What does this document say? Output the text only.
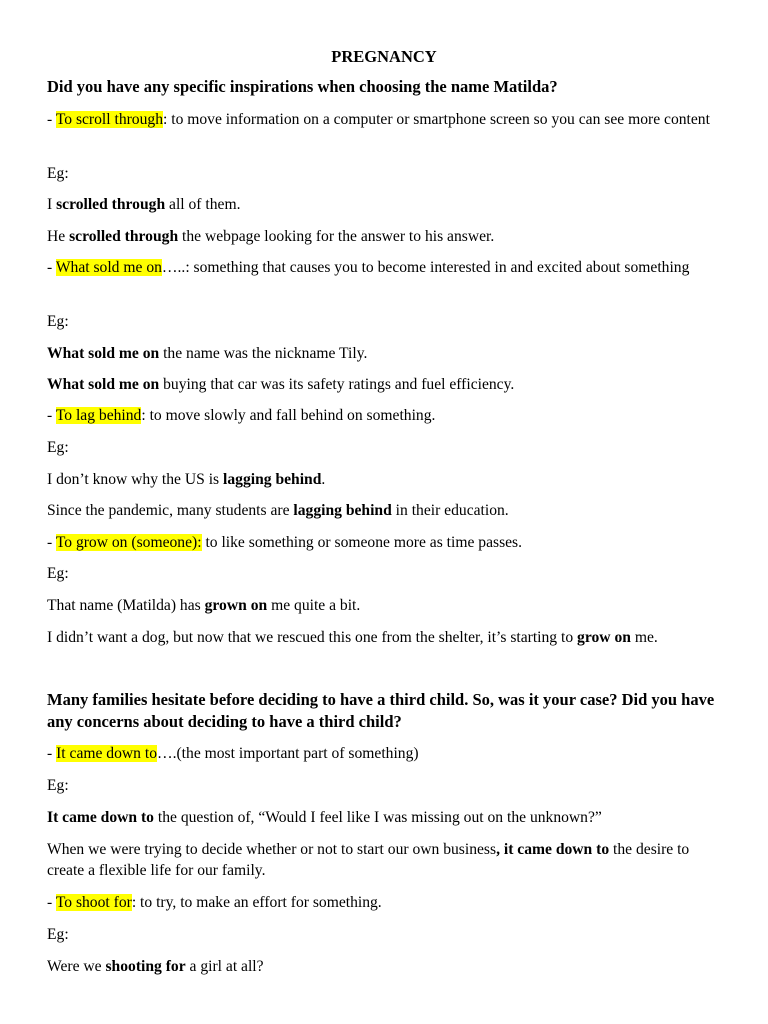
PREGNANCY

Did you have any specific inspirations when choosing the name Matilda?

- To scroll through: to move information on a computer or smartphone screen so you can see more content

Eg:

I scrolled through all of them.

He scrolled through the webpage looking for the answer to his answer.

- What sold me on…..: something that causes you to become interested in and excited about something

Eg:

What sold me on the name was the nickname Tily.

What sold me on buying that car was its safety ratings and fuel efficiency.

- To lag behind: to move slowly and fall behind on something.

Eg:

I don’t know why the US is lagging behind.

Since the pandemic, many students are lagging behind in their education.

- To grow on (someone): to like something or someone more as time passes.

Eg:

That name (Matilda) has grown on me quite a bit.

I didn’t want a dog, but now that we rescued this one from the shelter, it’s starting to grow on me.

Many families hesitate before deciding to have a third child. So, was it your case? Did you have any concerns about deciding to have a third child?

- It came down to….(the most important part of something)

Eg:

It came down to the question of, “Would I feel like I was missing out on the unknown?”

When we were trying to decide whether or not to start our own business, it came down to the desire to create a flexible life for our family.

- To shoot for: to try, to make an effort for something.

Eg:

Were we shooting for a girl at all?
